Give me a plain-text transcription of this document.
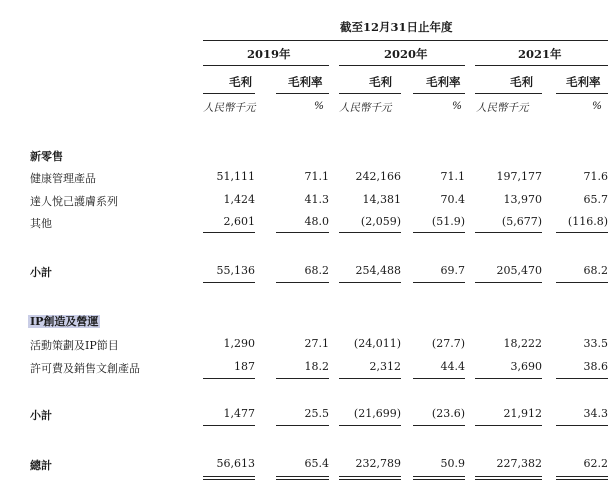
截至12月31日止年度
2019年	2020年	2021年
毛利	毛利率	毛利	毛利率	毛利	毛利率
人民幣千元	% 人民幣千元	% 人民幣千元	%
新零售
健康管理產品	51,111	71.1	242,166	71.1	197,177	71.6
達人悅己護膚系列	1,424	41.3	14,381	70.4	13,970	65.7
其他	2,601	48.0	(2,059)	(51.9)	(5,677)	(116.8)
小計	55,136	68.2	254,488	69.7	205,470	68.2
IP創造及營運
活動策劃及IP節目	1,290	27.1	(24,011)	(27.7)	18,222	33.5
許可費及銷售文創產品	187	18.2	2,312	44.4	3,690	38.6
小計	1,477	25.5	(21,699)	(23.6)	21,912	34.3
總計	56,613	65.4	232,789	50.9	227,382	62.2
